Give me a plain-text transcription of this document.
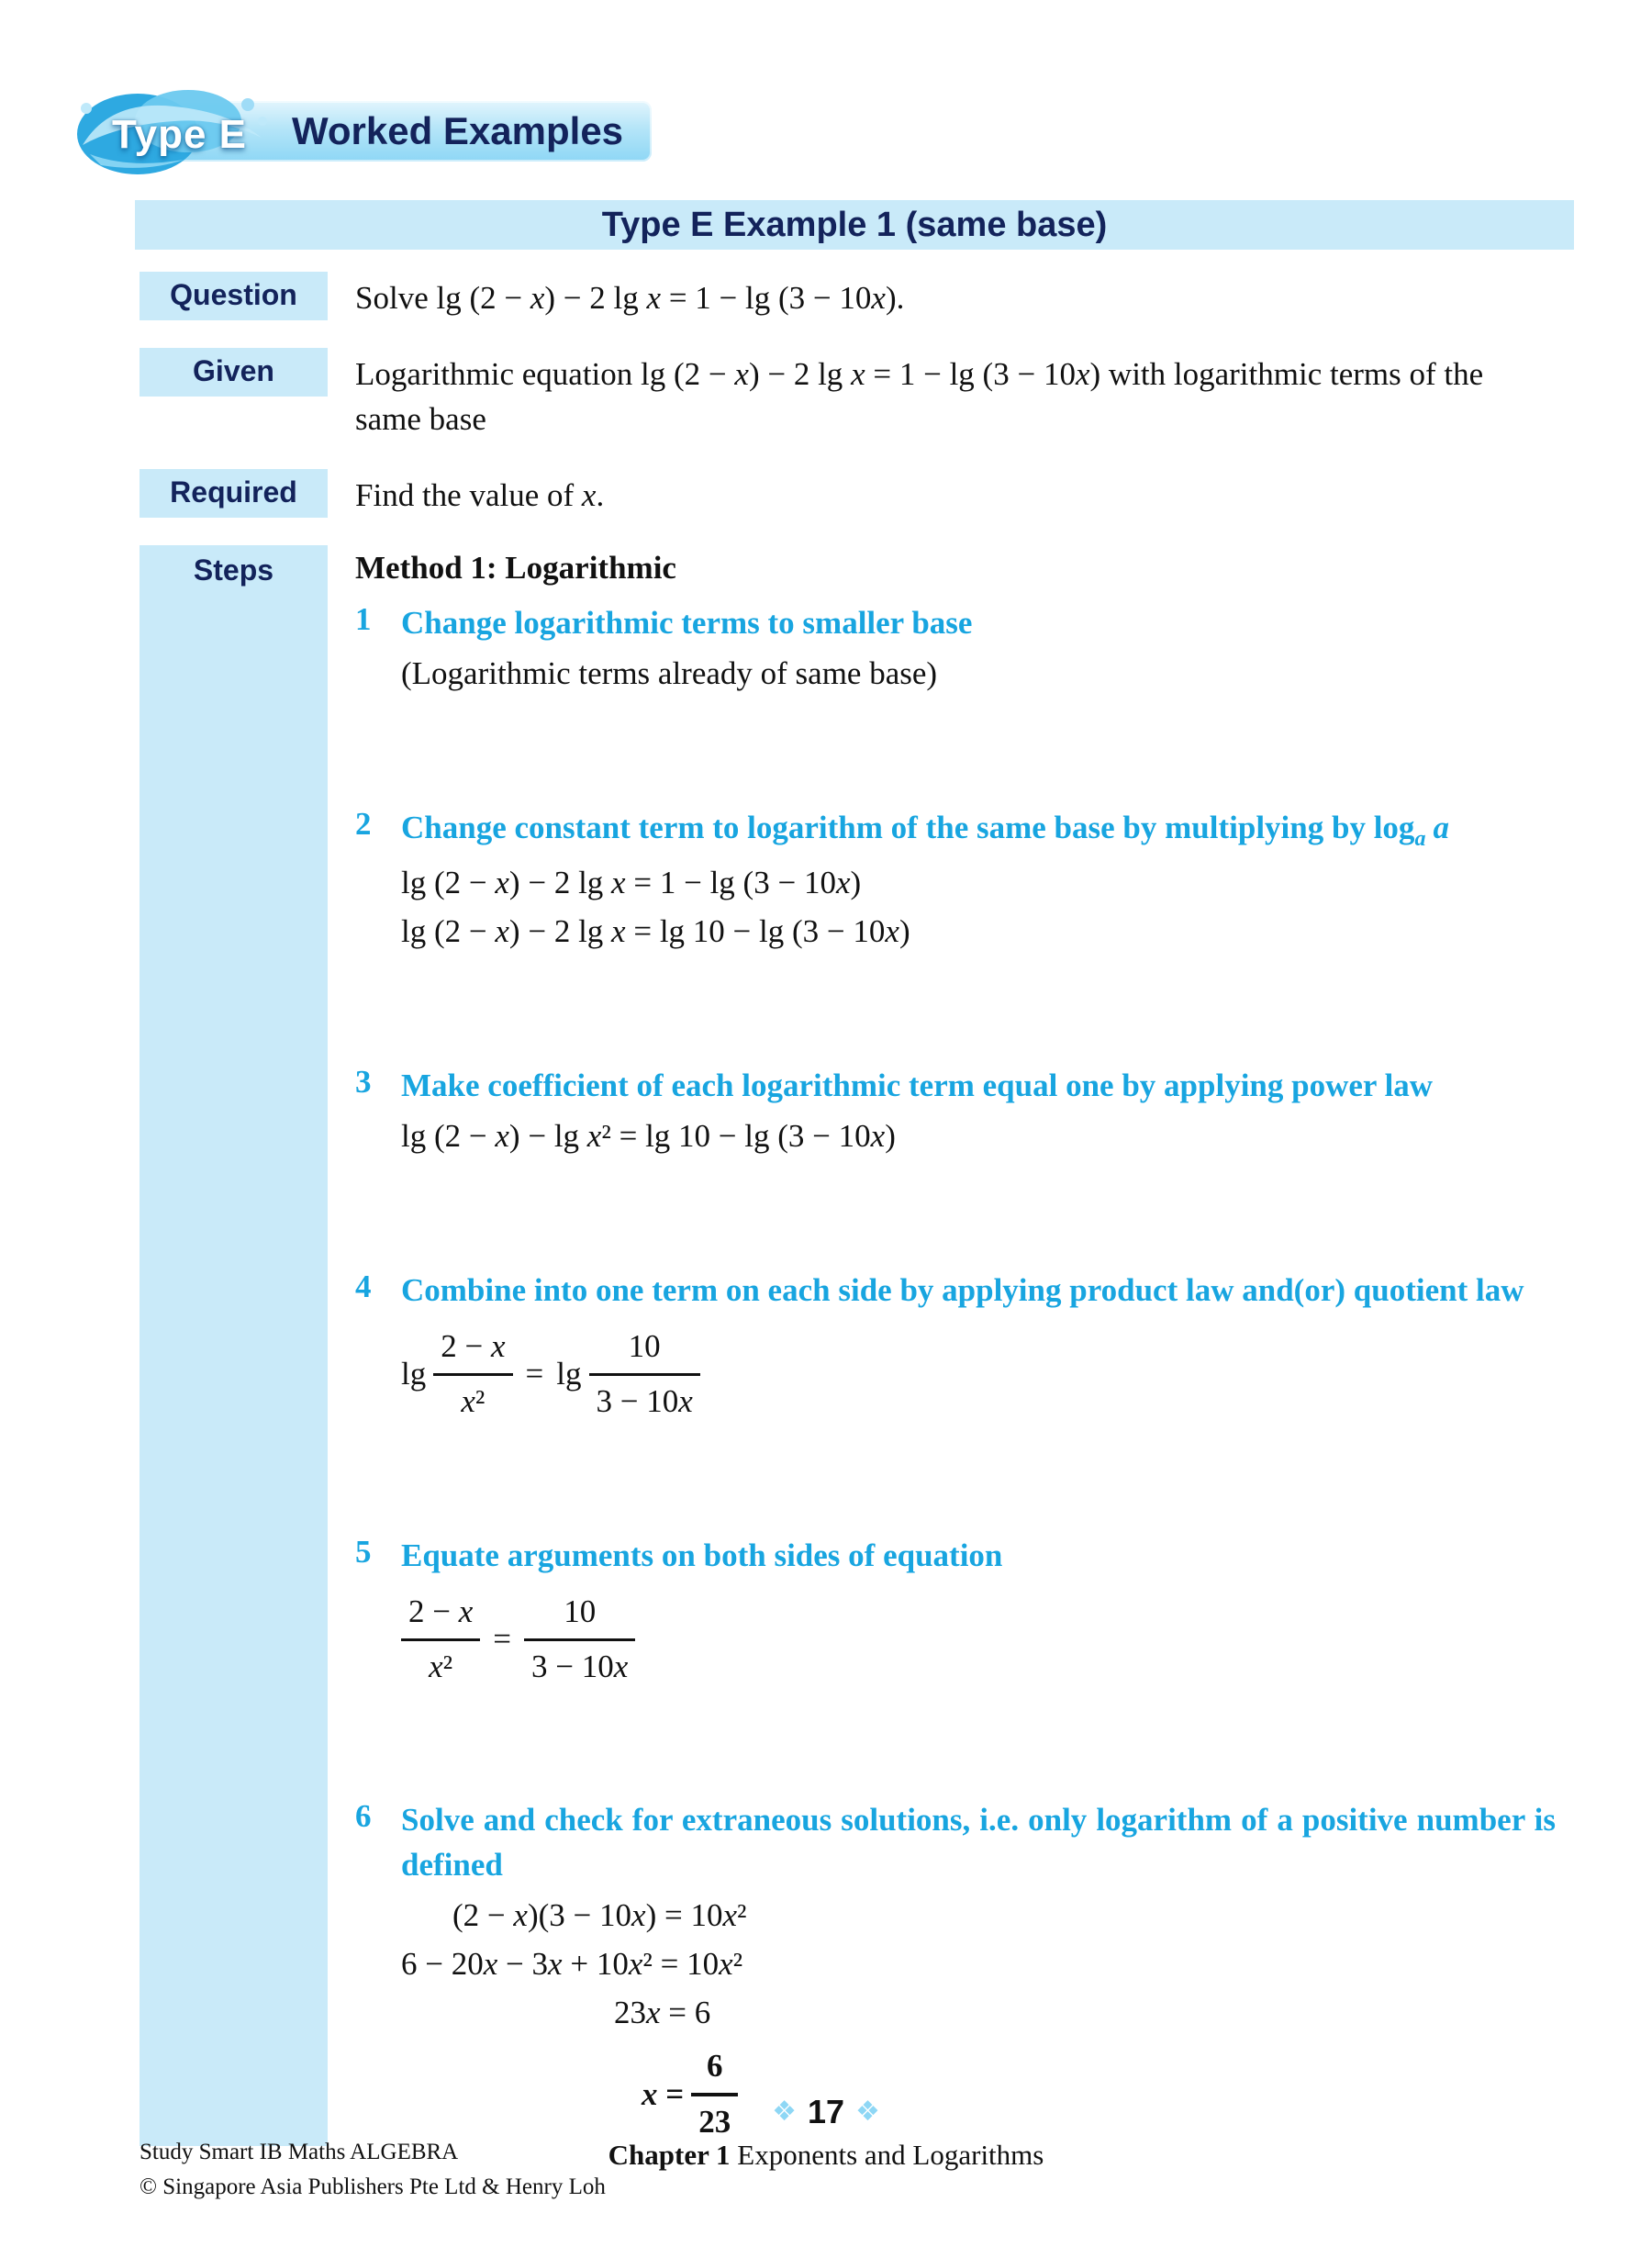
Type E Worked Examples
Type E Example 1 (same base)
Question	Solve lg (2 − x) − 2 lg x = 1 − lg (3 − 10x).
Given	Logarithmic equation lg (2 − x) − 2 lg x = 1 − lg (3 − 10x) with logarithmic terms of the same base
Required	Find the value of x.
Steps	Method 1: Logarithmic
1 Change logarithmic terms to smaller base
(Logarithmic terms already of same base)
2 Change constant term to logarithm of the same base by multiplying by $\log_a a$
lg (2 − x) − 2 lg x = 1 − lg (3 − 10x)
lg (2 − x) − 2 lg x = lg 10 − lg (3 − 10x)
3 Make coefficient of each logarithmic term equal one by applying power law
lg (2 − x) − lg x² = lg 10 − lg (3 − 10x)
4 Combine into one term on each side by applying product law and(or) quotient law
$\lg \frac{2 - x}{\text{x²}} = \lg \frac{10}{3 - 10x}$
5 Equate arguments on both sides of equation
$\frac{2 - x}{\text{x²}} = \frac{10}{3 - 10x}$
6 Solve and check for extraneous solutions, i.e. only logarithm of a positive number is defined
(2 − x)(3 − 10x) = 10x²
6 − 20x − 3x + 10x² = 10x²
23x = 6
$x = \frac{6}{23}$
Study Smart IB Maths ALGEBRA
© Singapore Asia Publishers Pte Ltd & Henry Loh
❖ 17 ❖
Chapter 1 Exponents and Logarithms
